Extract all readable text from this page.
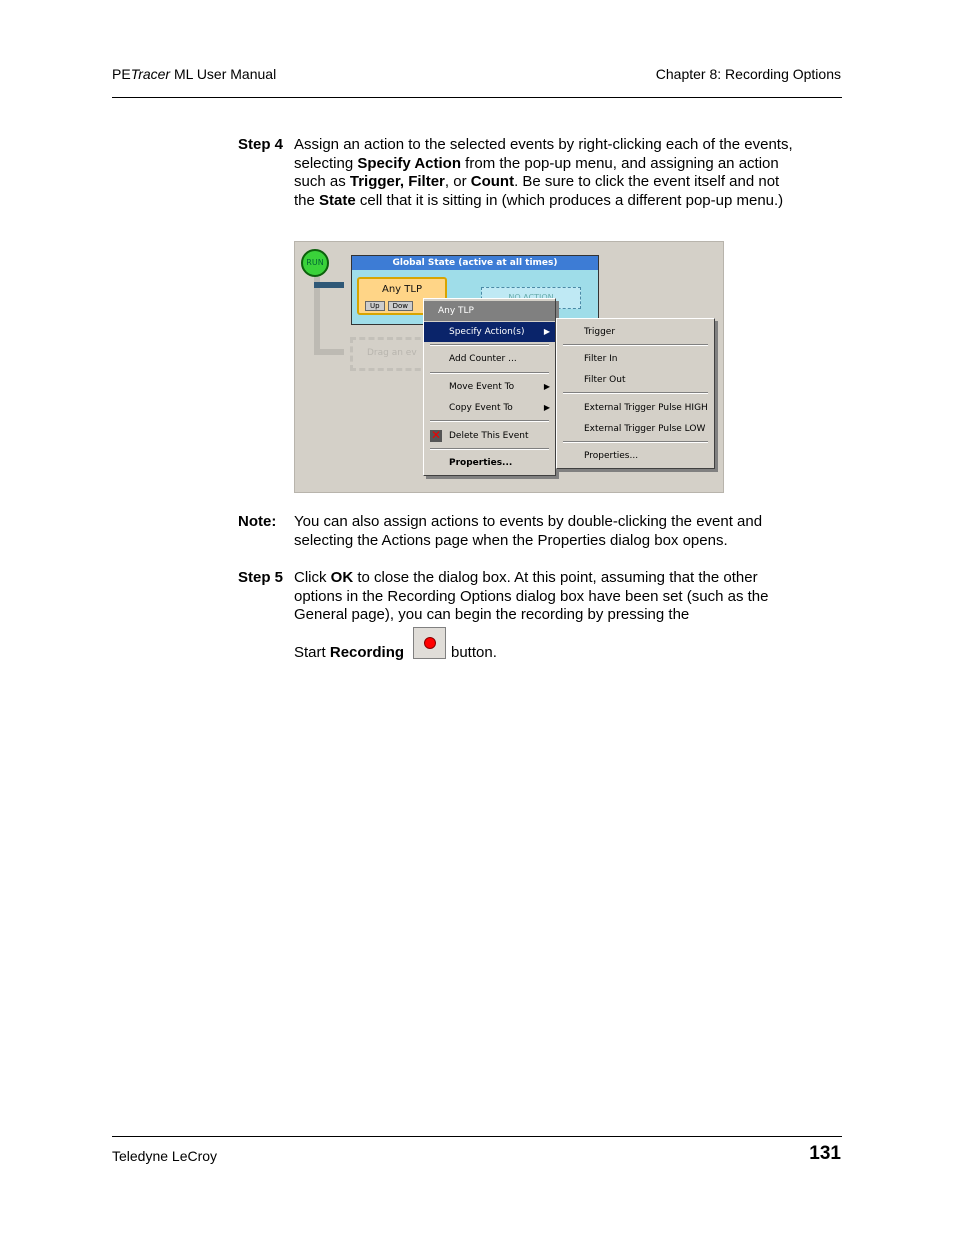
PETracer ML User Manual	Chapter 8: Recording Options
Step 4 Assign an action to the selected events by right-clicking each of the events, selecting Specify Action from the pop-up menu, and assigning an action such as Trigger, Filter, or Count. Be sure to click the event itself and not the State cell that it is sitting in (which produces a different pop-up menu.)
RUN	Global State (active at all times)
Any TLP
Up	Dow
Drag an ev
Any TLP
Specify Action(s) ▶
Add Counter ...
Move Event To	▶
Copy Event To	▶
✕
Delete This Event
Properties...
Trigger
Filter In
Filter Out
External Trigger Pulse HIGH
External Trigger Pulse LOW
Properties...
Note: You can also assign actions to events by double-clicking the event and selecting the Actions page when the Properties dialog box opens.
Step 5 Click OK to close the dialog box. At this point, assuming that the other options in the Recording Options dialog box have been set (such as the General page), you can begin the recording by pressing the
Start Recording	button.
Teledyne LeCroy	131
